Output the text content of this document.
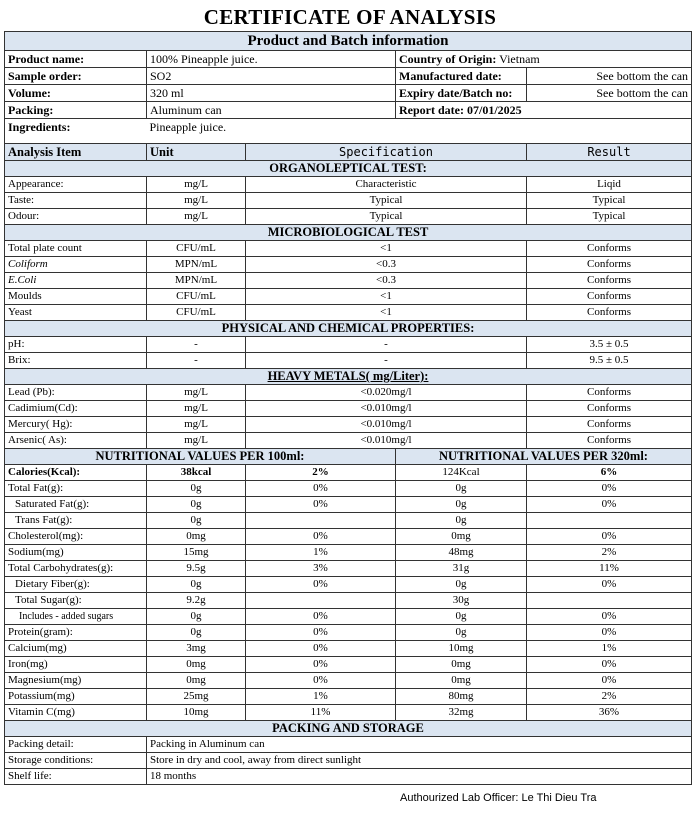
CERTIFICATE OF ANALYSIS
Product and Batch information				
Product name:	100% Pineapple juice.		Country of Origin: Vietnam	
Sample order:	SO2		Manufactured date:	See bottom the can
Volume:	320 ml		Expiry date/Batch no:	See bottom the can
Packing:	Aluminum can		Report date: 07/01/2025	
Ingredients:	Pineapple juice.			
Analysis Item	Unit	Specification		Result
ORGANOLEPTICAL TEST:				
Appearance:	mg/L	Characteristic		Liqid
Taste:	mg/L	Typical		Typical
Odour:	mg/L	Typical		Typical
MICROBIOLOGICAL TEST				
Total plate count	CFU/mL	<1		Conforms
Coliform	MPN/mL	<0.3		Conforms
E.Coli	MPN/mL	<0.3		Conforms
Moulds	CFU/mL	<1		Conforms
Yeast	CFU/mL	<1		Conforms
PHYSICAL AND CHEMICAL PROPERTIES:				
pH:	-	-		3.5 ± 0.5
Brix:	-	-		9.5 ± 0.5
HEAVY METALS( mg/Liter):				
Lead (Pb):	mg/L	<0.020mg/l		Conforms
Cadimium(Cd):	mg/L	<0.010mg/l		Conforms
Mercury( Hg):	mg/L	<0.010mg/l		Conforms
Arsenic( As):	mg/L	<0.010mg/l		Conforms
NUTRITIONAL VALUES PER 100ml:			NUTRITIONAL VALUES PER 320ml:	
Calories(Kcal):	38kcal	2%	124Kcal	6%
Total Fat(g):	0g	0%	0g	0%
Saturated Fat(g):	0g	0%	0g	0%
Trans Fat(g):	0g		0g	
Cholesterol(mg):	0mg	0%	0mg	0%
Sodium(mg)	15mg	1%	48mg	2%
Total Carbohydrates(g):	9.5g	3%	31g	11%
Dietary Fiber(g):	0g	0%	0g	0%
Total Sugar(g):	9.2g		30g	
Includes - added sugars	0g	0%	0g	0%
Protein(gram):	0g	0%	0g	0%
Calcium(mg)	3mg	0%	10mg	1%
Iron(mg)	0mg	0%	0mg	0%
Magnesium(mg)	0mg	0%	0mg	0%
Potassium(mg)	25mg	1%	80mg	2%
Vitamin C(mg)	10mg	11%	32mg	36%
PACKING AND STORAGE				
Packing detail:	Packing in Aluminum can			
Storage conditions:	Store in dry and cool, away from direct sunlight			
Shelf life:	18 months			
Authourized Lab Officer: Le Thi Dieu Tra
